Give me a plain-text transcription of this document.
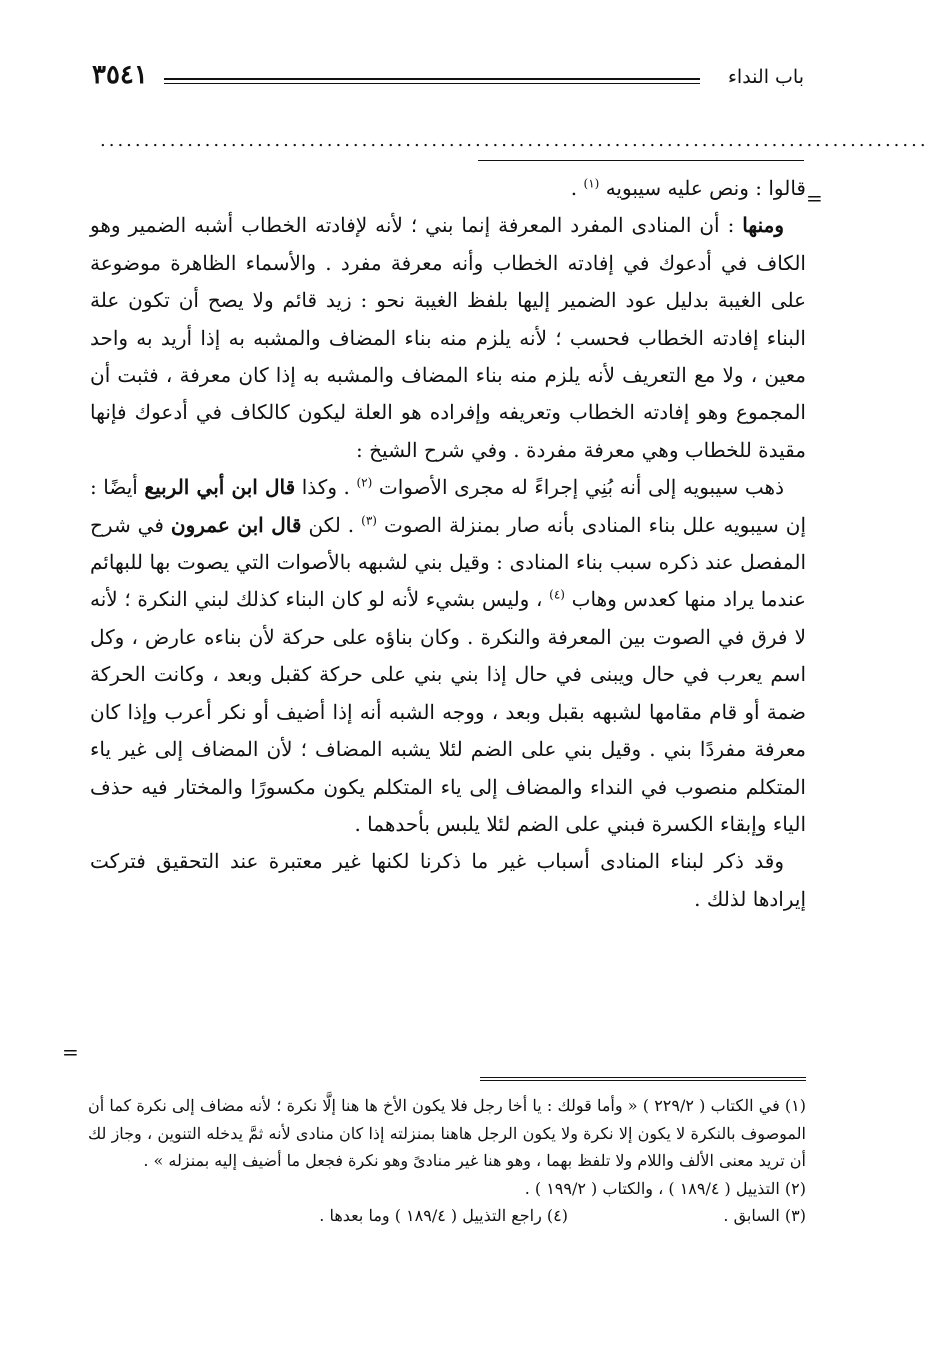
باب النداء
٣٥٤١
...............................................................................................
=

قالوا : ونص عليه سيبويه $^{(١)}$ .

ومنها : أن المنادى المفرد المعرفة إنما بني ؛ لأنه لإفادته الخطاب أشبه الضمير وهو الكاف في أدعوك في إفادته الخطاب وأنه معرفة مفرد . والأسماء الظاهرة موضوعة على الغيبة بدليل عود الضمير إليها بلفظ الغيبة نحو : زيد قائم ولا يصح أن تكون علة البناء إفادته الخطاب فحسب ؛ لأنه يلزم منه بناء المضاف والمشبه به إذا أريد به واحد معين ، ولا مع التعريف لأنه يلزم منه بناء المضاف والمشبه به إذا كان معرفة ، فثبت أن المجموع وهو إفادته الخطاب وتعريفه وإفراده هو العلة ليكون كالكاف في أدعوك فإنها مقيدة للخطاب وهي معرفة مفردة . وفي شرح الشيخ :

ذهب سيبويه إلى أنه بُنِي إجراءً له مجرى الأصوات $^{(٢)}$ . وكذا قال ابن أبي الربيع أيضًا : إن سيبويه علل بناء المنادى بأنه صار بمنزلة الصوت $^{(٣)}$ . لكن قال ابن عمرون في شرح المفصل عند ذكره سبب بناء المنادى : وقيل بني لشبهه بالأصوات التي يصوت بها للبهائم عندما يراد منها كعدس وهاب $^{(٤)}$ ، وليس بشيء لأنه لو كان البناء كذلك لبني النكرة ؛ لأنه لا فرق في الصوت بين المعرفة والنكرة . وكان بناؤه على حركة لأن بناءه عارض ، وكل اسم يعرب في حال ويبنى في حال إذا بني بني على حركة كقبل وبعد ، وكانت الحركة ضمة أو قام مقامها لشبهه بقبل وبعد ، ووجه الشبه أنه إذا أضيف أو نكر أعرب وإذا كان معرفة مفردًا بني . وقيل بني على الضم لئلا يشبه المضاف ؛ لأن المضاف إلى غير ياء المتكلم منصوب في النداء والمضاف إلى ياء المتكلم يكون مكسورًا والمختار فيه حذف الياء وإبقاء الكسرة فبني على الضم لئلا يلبس بأحدهما .

وقد ذكر لبناء المنادى أسباب غير ما ذكرنا لكنها غير معتبرة عند التحقيق فتركت إيرادها لذلك .

=

(١) في الكتاب ( ٢٢٩/٢ ) « وأما قولك : يا أخا رجل فلا يكون الأخ ها هنا إلَّا نكرة ؛ لأنه مضاف إلى نكرة كما أن الموصوف بالنكرة لا يكون إلا نكرة ولا يكون الرجل هاهنا بمنزلته إذا كان منادى لأنه ثمَّ يدخله التنوين ، وجاز لك أن تريد معنى الألف واللام ولا تلفظ بهما ، وهو هنا غير منادىً وهو نكرة فجعل ما أضيف إليه بمنزله » .

(٢) التذييل ( ١٨٩/٤ ) ، والكتاب ( ١٩٩/٢ ) .

(٣) السابق .
(٤) راجع التذييل ( ١٨٩/٤ ) وما بعدها .
